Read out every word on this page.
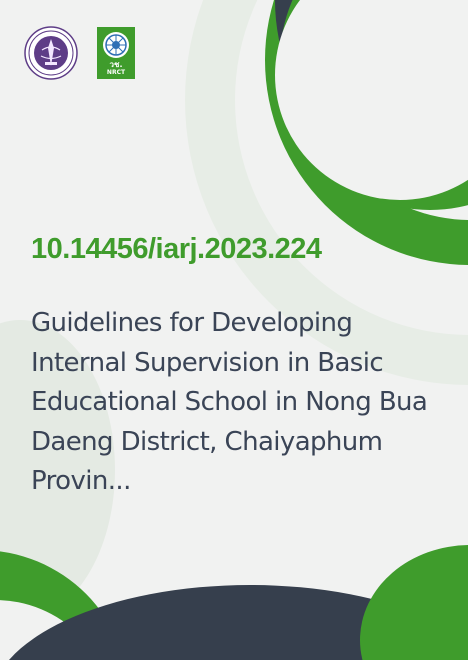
วช.
NRCT
10.14456/iarj.2023.224
Guidelines for Developing Internal Supervision in Basic Educational School in Nong Bua Daeng District, Chaiyaphum Provin...
